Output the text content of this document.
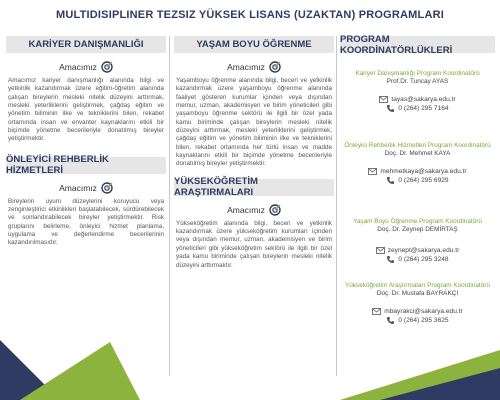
MULTIDISIPLINER TEZSIZ YÜKSEK LISANS (UZAKTAN) PROGRAMLARI
KARİYER DANIŞMANLIĞI
Amacımız
Amacımız kariyer danışmanlığı alanında bilgi ve yetkinlik kazandırmak üzere eğitim-öğretim alanında çalışan bireylerin mesleki nitelik düzeyini arttırmak, mesleki yeterliklerini geliştirmek, çağdaş eğitim ve yönetim biliminin ilke ve tekniklerini bilen, rekabet ortamında insan ve envanter kaynaklarını etkili bir biçimde yönetme becerileriyle donatılmış bireyler yetiştirmektir.
ÖNLEYİCİ REHBERLİK HİZMETLERİ
Amacımız
Bireylerin uyum düzeylerini koruyucu veya zenginleştirici etkinlikleri başlatabilecek, sürdürebilecek ve sonlandırabilecek bireyler yetiştirmektir. Risk gruplarını belirleme, önleyici hizmet planlama, uygulama ve değerlendirme becerilerinin kazandırılmasıdır.
YAŞAM BOYU ÖĞRENME
Amacımız
Yaşamboyu öğrenme alanında bilgi, beceri ve yetkinlik kazandırmak üzere yaşamboyu öğrenme alanında faaliyet gösteren kurumlar içinden veya dışından memur, uzman, akademisyen ve birim yöneticileri gibi yaşamboyu öğrenme sektörü ile ilgili bir özel yada kamu biriminde çalışan bireylerin mesleki nitelik düzeyini arttırmak, mesleki yeterliklerini geliştirmek, çağdaş eğitim ve yönetim biliminin ilke ve tekniklerini bilen, rekabet ortamında her türlü insan ve madde kaynaklarını etkili bir biçimde yönetme becerileriyle donatılmış bireyler yetiştirmektir.
YÜKSEKÖĞRETİM ARAŞTIRMALARI
Amacımız
Yükseköğretim alanında bilgi, beceri ve yetkinlik kazandırmak üzere yükseköğretim kurumları içinden veya dışından memur, uzman, akademisyen ve birim yöneticileri gibi yükseköğretim sektörü ile ilgili bir özel yada kamu biriminde çalışan bireylerin mesleki nitelik düzeyini arttırmaktır.
PROGRAM KOORDİNATÖRLÜKLERİ
Kariyer Danışmanlığı Program Koordinatörü
Prof.Dr. Tuncay AYAS
tayas@sakarya.edu.tr
0 (264) 295 7164
Önleyici Rehberlik Hizmetleri Program Koordinatörü
Doç. Dr. Mehmet KAYA
mehmetkaya@sakarya.edu.tr
0 (264) 295 6929
Yaşam Boyu Öğrenme Program Koordinatörü
Doç. Dr. Zeynep DEMİRTAŞ
zeynept@sakarya.edu.tr
0 (264) 295 3248
Yükseköğretim Araştırmaları Program Koordinatörü
Doç. Dr. Mustafa BAYRAKÇI
mbayrakci@sakarya.edu.tr
0 (264) 295 3625
